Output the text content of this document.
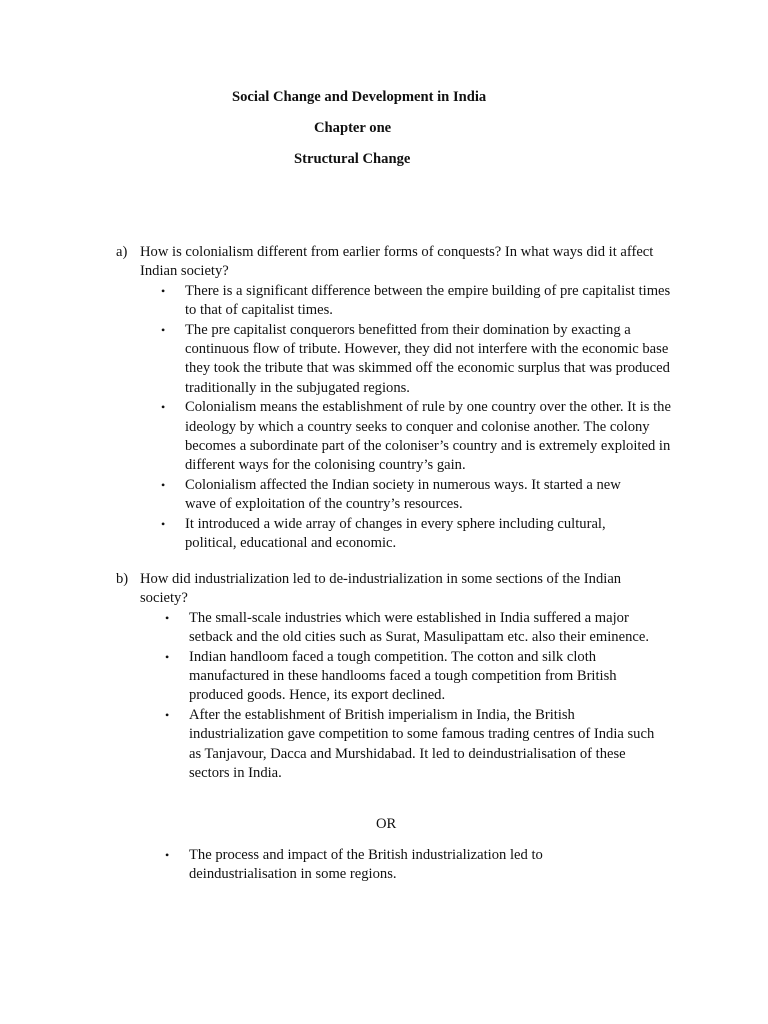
Social Change and Development in India
Chapter one
Structural Change
a) How is colonialism different from earlier forms of conquests? In what ways did it affect Indian society?
• There is a significant difference between the empire building of pre capitalist times to that of capitalist times.
• The pre capitalist conquerors benefitted from their domination by exacting a continuous flow of tribute. However, they did not interfere with the economic base they took the tribute that was skimmed off the economic surplus that was produced traditionally in the subjugated regions.
• Colonialism means the establishment of rule by one country over the other. It is the ideology by which a country seeks to conquer and colonise another. The colony becomes a subordinate part of the coloniser’s country and is extremely exploited in different ways for the colonising country’s gain.
• Colonialism affected the Indian society in numerous ways. It started a new wave of exploitation of the country’s resources.
• It introduced a wide array of changes in every sphere including cultural, political, educational and economic.
b) How did industrialization led to de-industrialization in some sections of the Indian society?
• The small-scale industries which were established in India suffered a major setback and the old cities such as Surat, Masulipattam etc. also their eminence.
• Indian handloom faced a tough competition. The cotton and silk cloth manufactured in these handlooms faced a tough competition from British produced goods. Hence, its export declined.
• After the establishment of British imperialism in India, the British industrialization gave competition to some famous trading centres of India such as Tanjavour, Dacca and Murshidabad. It led to deindustrialisation of these sectors in India.
OR
• The process and impact of the British industrialization led to deindustrialisation in some regions.
